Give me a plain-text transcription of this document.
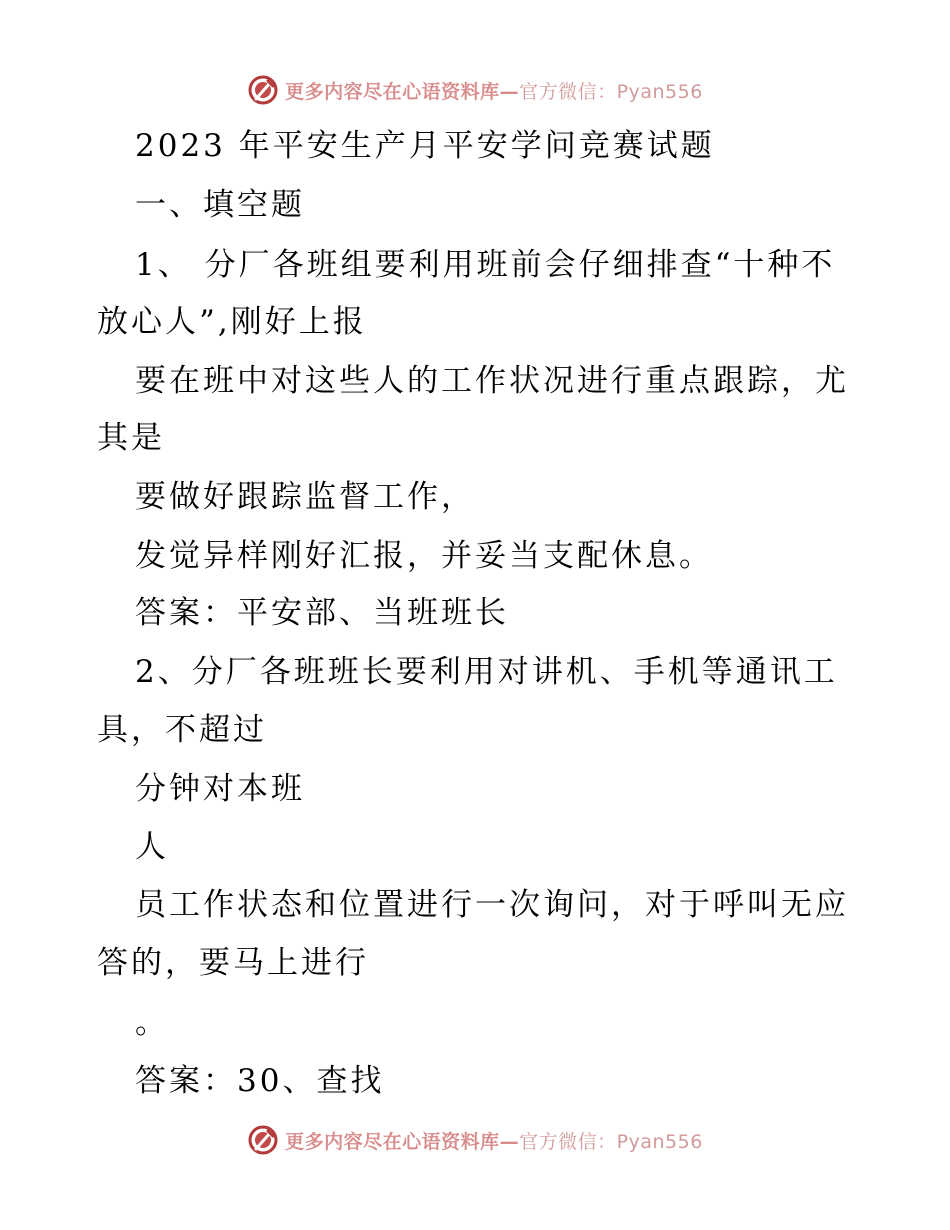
更多内容尽在心语资料库—官方微信：Pyan556
2023 年平安生产月平安学问竞赛试题
一、填空题
1、 分厂各班组要利用班前会仔细排查“十种不
放心人”,刚好上报
要在班中对这些人的工作状况进行重点跟踪，尤
其是
要做好跟踪监督工作，
发觉异样刚好汇报，并妥当支配休息。
答案：平安部、当班班长
2、分厂各班班长要利用对讲机、手机等通讯工
具，不超过
分钟对本班
人
员工作状态和位置进行一次询问，对于呼叫无应
答的，要马上进行
。
答案：30、查找
更多内容尽在心语资料库—官方微信：Pyan556
